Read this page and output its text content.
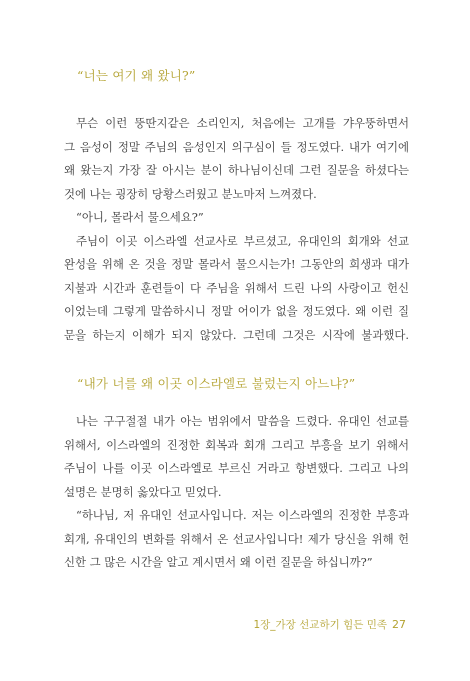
“너는 여기 왜 왔니?”
무슨 이런 뚱딴지같은 소리인지, 처음에는 고개를 갸우뚱하면서
그 음성이 정말 주님의 음성인지 의구심이 들 정도였다. 내가 여기에
왜 왔는지 가장 잘 아시는 분이 하나님이신데 그런 질문을 하셨다는
것에 나는 굉장히 당황스러웠고 분노마저 느껴졌다.
“아니, 몰라서 물으세요?”
주님이 이곳 이스라엘 선교사로 부르셨고, 유대인의 회개와 선교
완성을 위해 온 것을 정말 몰라서 물으시는가! 그동안의 희생과 대가
지불과 시간과 훈련들이 다 주님을 위해서 드린 나의 사랑이고 헌신
이었는데 그렇게 말씀하시니 정말 어이가 없을 정도였다. 왜 이런 질
문을 하는지 이해가 되지 않았다. 그런데 그것은 시작에 불과했다.
“내가 너를 왜 이곳 이스라엘로 불렀는지 아느냐?”
나는 구구절절 내가 아는 범위에서 말씀을 드렸다. 유대인 선교를
위해서, 이스라엘의 진정한 회복과 회개 그리고 부흥을 보기 위해서
주님이 나를 이곳 이스라엘로 부르신 거라고 항변했다. 그리고 나의
설명은 분명히 옳았다고 믿었다.
“하나님, 저 유대인 선교사입니다. 저는 이스라엘의 진정한 부흥과
회개, 유대인의 변화를 위해서 온 선교사입니다! 제가 당신을 위해 헌
신한 그 많은 시간을 알고 계시면서 왜 이런 질문을 하십니까?”
1장_가장 선교하기 힘든 민족 27
